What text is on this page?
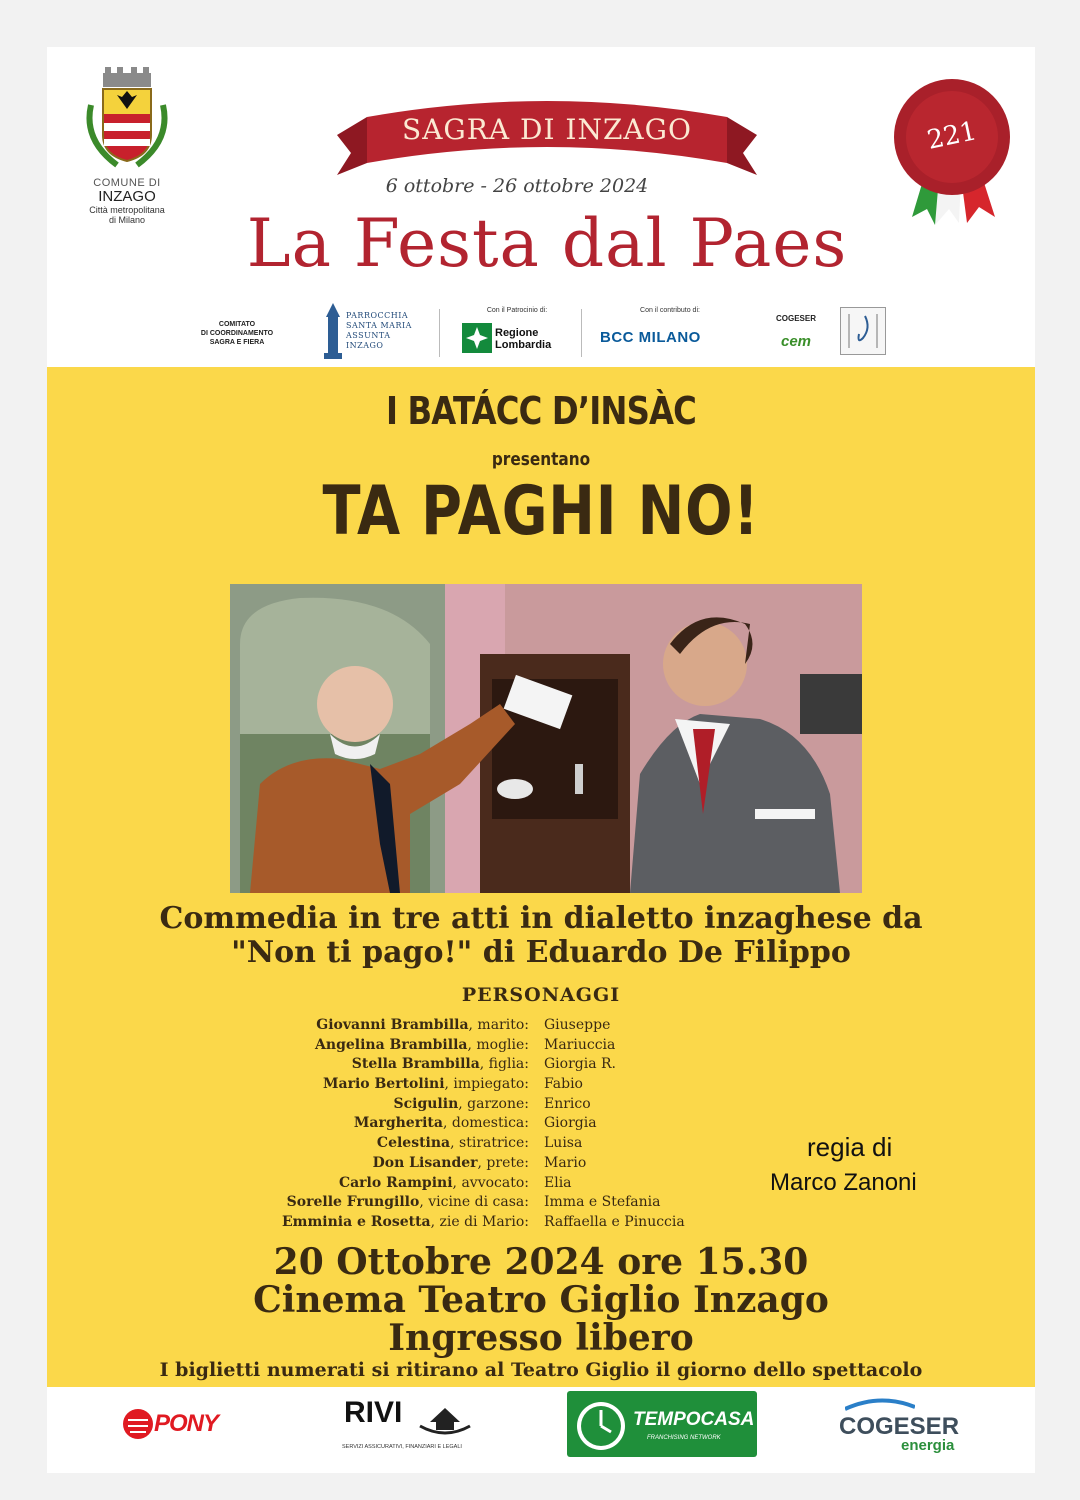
COMUNE DI
INZAGO
Città metropolitana
di Milano
SAGRA DI INZAGO
6 ottobre - 26 ottobre 2024
La Festa dal Paes
221
COMITATO
DI COORDINAMENTO
SAGRA E FIERA
PARROCCHIA
SANTA MARIA
ASSUNTA
INZAGO
Con il Patrocinio di:
Regione
Lombardia
Con il contributo di:
BCC MILANO
COGESER
cem
I BATÁCC D’INSÀC
presentano
TA PAGHI NO!
Commedia in tre atti in dialetto inzaghese da
"Non ti pago!" di Eduardo De Filippo
PERSONAGGI
Giovanni Brambilla, marito: Giuseppe
Angelina Brambilla, moglie: Mariuccia
Stella Brambilla, figlia: Giorgia R.
Mario Bertolini, impiegato: Fabio
Scigulin, garzone: Enrico
Margherita, domestica: Giorgia
Celestina, stiratrice: Luisa
Don Lisander, prete: Mario
Carlo Rampini, avvocato: Elia
Sorelle Frungillo, vicine di casa: Imma e Stefania
Emminia e Rosetta, zie di Mario: Raffaella e Pinuccia
regia di
Marco Zanoni
20 Ottobre 2024 ore 15.30
Cinema Teatro Giglio Inzago
Ingresso libero
I biglietti numerati si ritirano al Teatro Giglio il giorno dello spettacolo
PONY	RIVI
SERVIZI ASSICURATIVI, FINANZIARI E LEGALI
TEMPOCASA
FRANCHISING NETWORK	COGESER
energia
